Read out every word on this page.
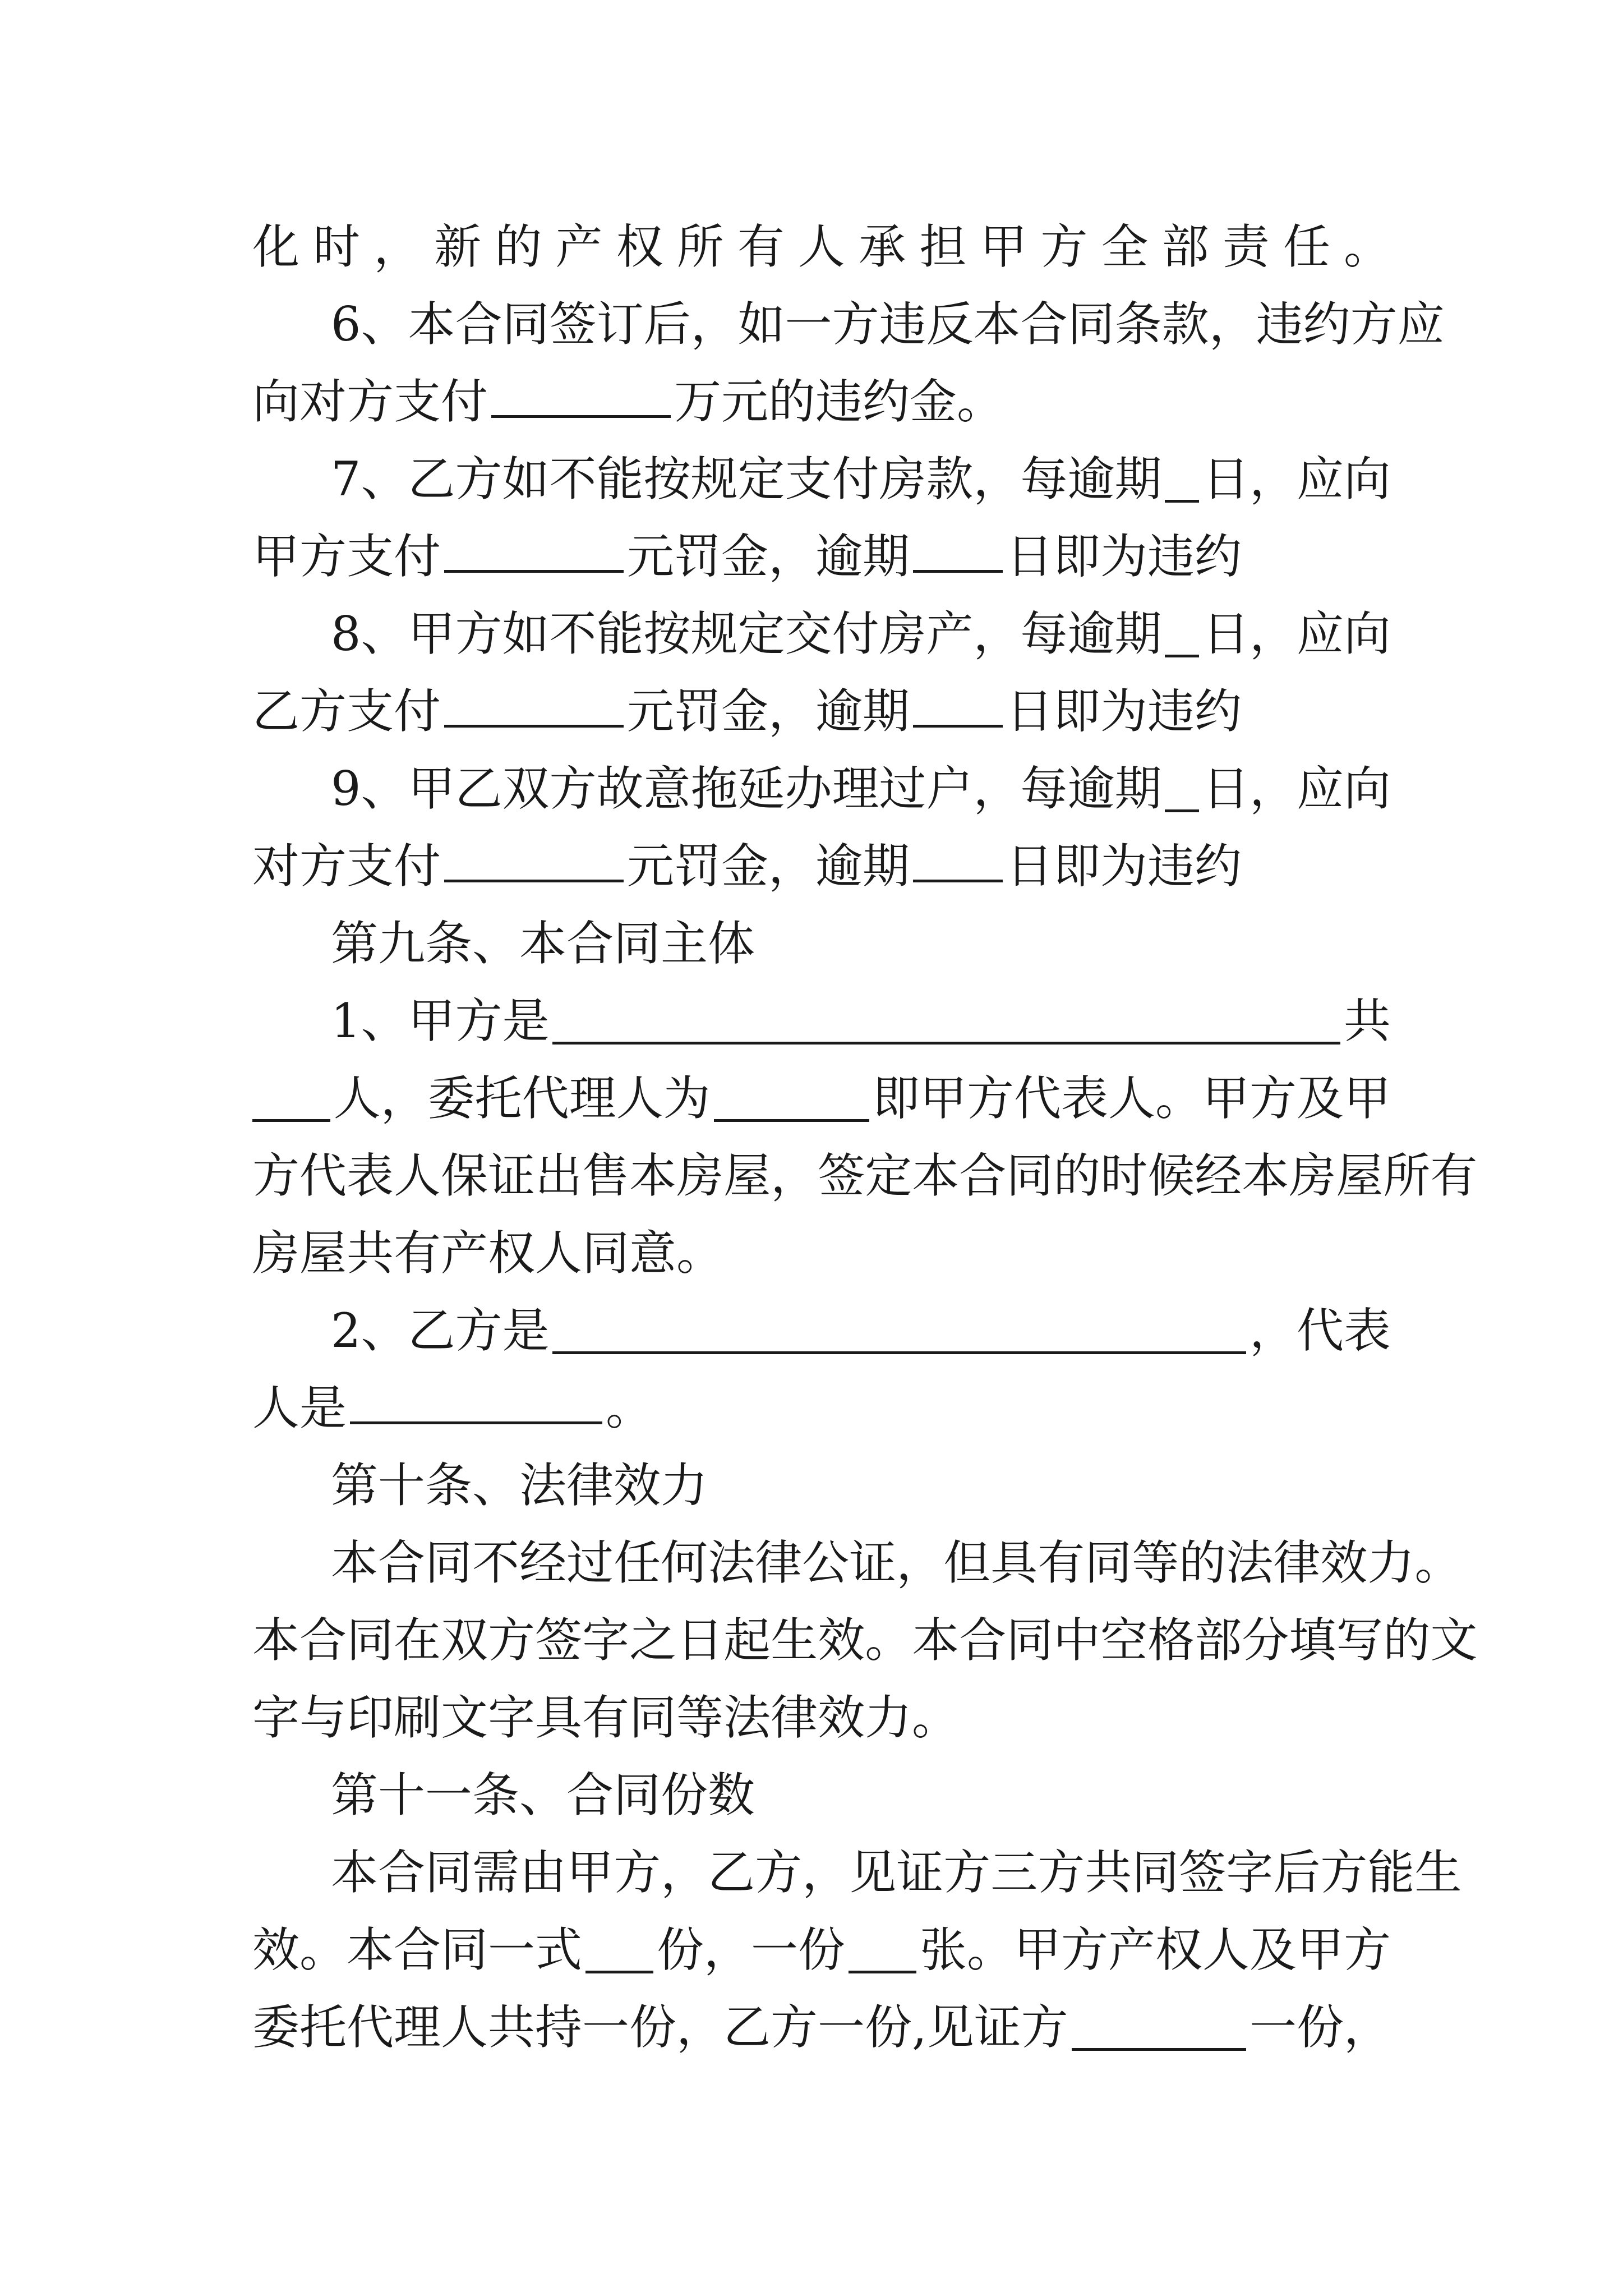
化 时 ， 新 的 产 权 所 有 人 承 担 甲 方 全 部 责 任 。
6 、 本 合 同 签 订 后 ， 如 一 方 违 反 本 合 同 条 款 ， 违 约 方 应
向对方支付	万元的违约金。
7、乙方如不能按规定支付房款，每逾期 日，应向
甲方支付	元罚金，逾期 日即为违约
8、甲方如不能按规定交付房产，每逾期 日，应向
乙方支付	元罚金，逾期 日即为违约
9、甲乙双方故意拖延办理过户，每逾期 日，应向
对方支付	元罚金，逾期 日即为违约
第九条、本合同主体
1、甲方是	共
人，委托代理人为	即甲方代表人。甲方及甲
方 代 表 人 保 证 出 售 本 房 屋 ， 签 定 本 合 同 的 时 候 经 本 房 屋 所 有
房屋共有产权人同意。
2、乙方是	，代表
人是	。
第十条、法律效力
本 合 同 不 经 过 任 何 法 律 公 证 ， 但 具 有 同 等 的 法 律 效 力 。
本 合 同 在 双 方 签 字 之 日 起 生 效 。 本 合 同 中 空 格 部 分 填 写 的 文
字与印刷文字具有同等法律效力。
第十一条、合同份数
本 合 同 需 由 甲 方 ， 乙 方 ， 见 证 方 三 方 共 同 签 字 后 方 能 生
效。本合同一式 份，一份 张。甲方产权人及甲方
委托代理人共持一份，乙方一份,见证方	一份，
